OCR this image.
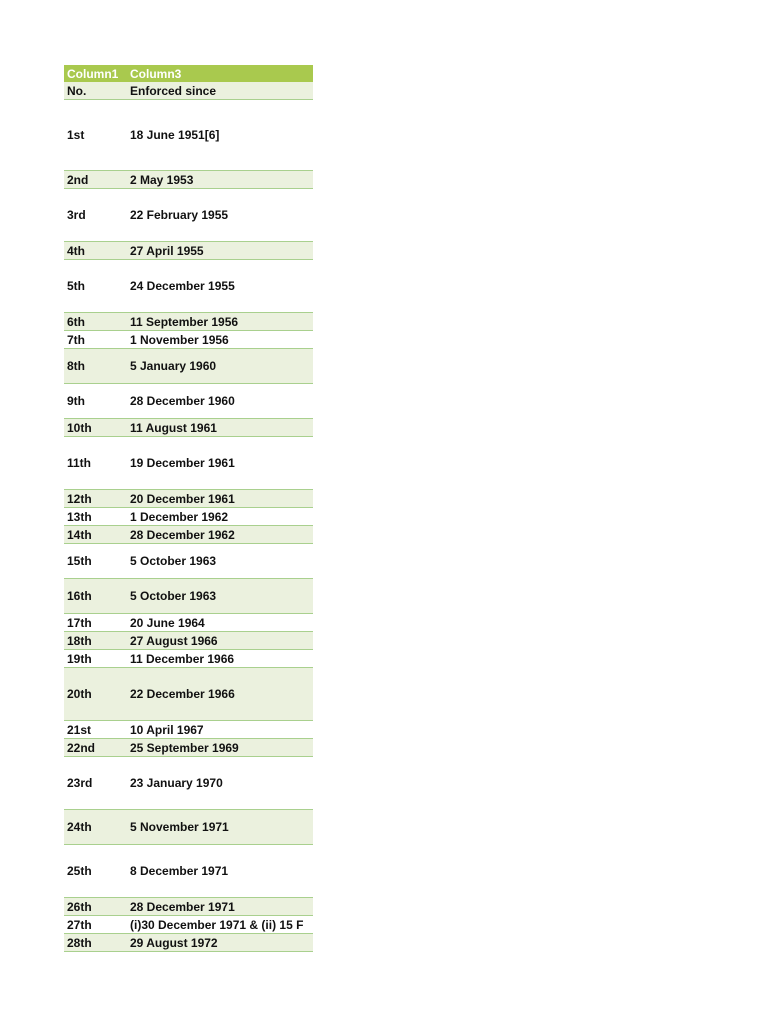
Column1	Column3
No.	Enforced since
1st	18 June 1951[6]
2nd	2 May 1953
3rd	22 February 1955
4th	27 April 1955
5th	24 December 1955
6th	11 September 1956
7th	1 November 1956
8th	5 January 1960
9th	28 December 1960
10th	11 August 1961
11th	19 December 1961
12th	20 December 1961
13th	1 December 1962
14th	28 December 1962
15th	5 October 1963
16th	5 October 1963
17th	20 June 1964
18th	27 August 1966
19th	11 December 1966
20th	22 December 1966
21st	10 April 1967
22nd	25 September 1969
23rd	23 January 1970
24th	5 November 1971
25th	8 December 1971
26th	28 December 1971
27th	(i)30 December 1971 & (ii) 15 F
28th	29 August 1972
